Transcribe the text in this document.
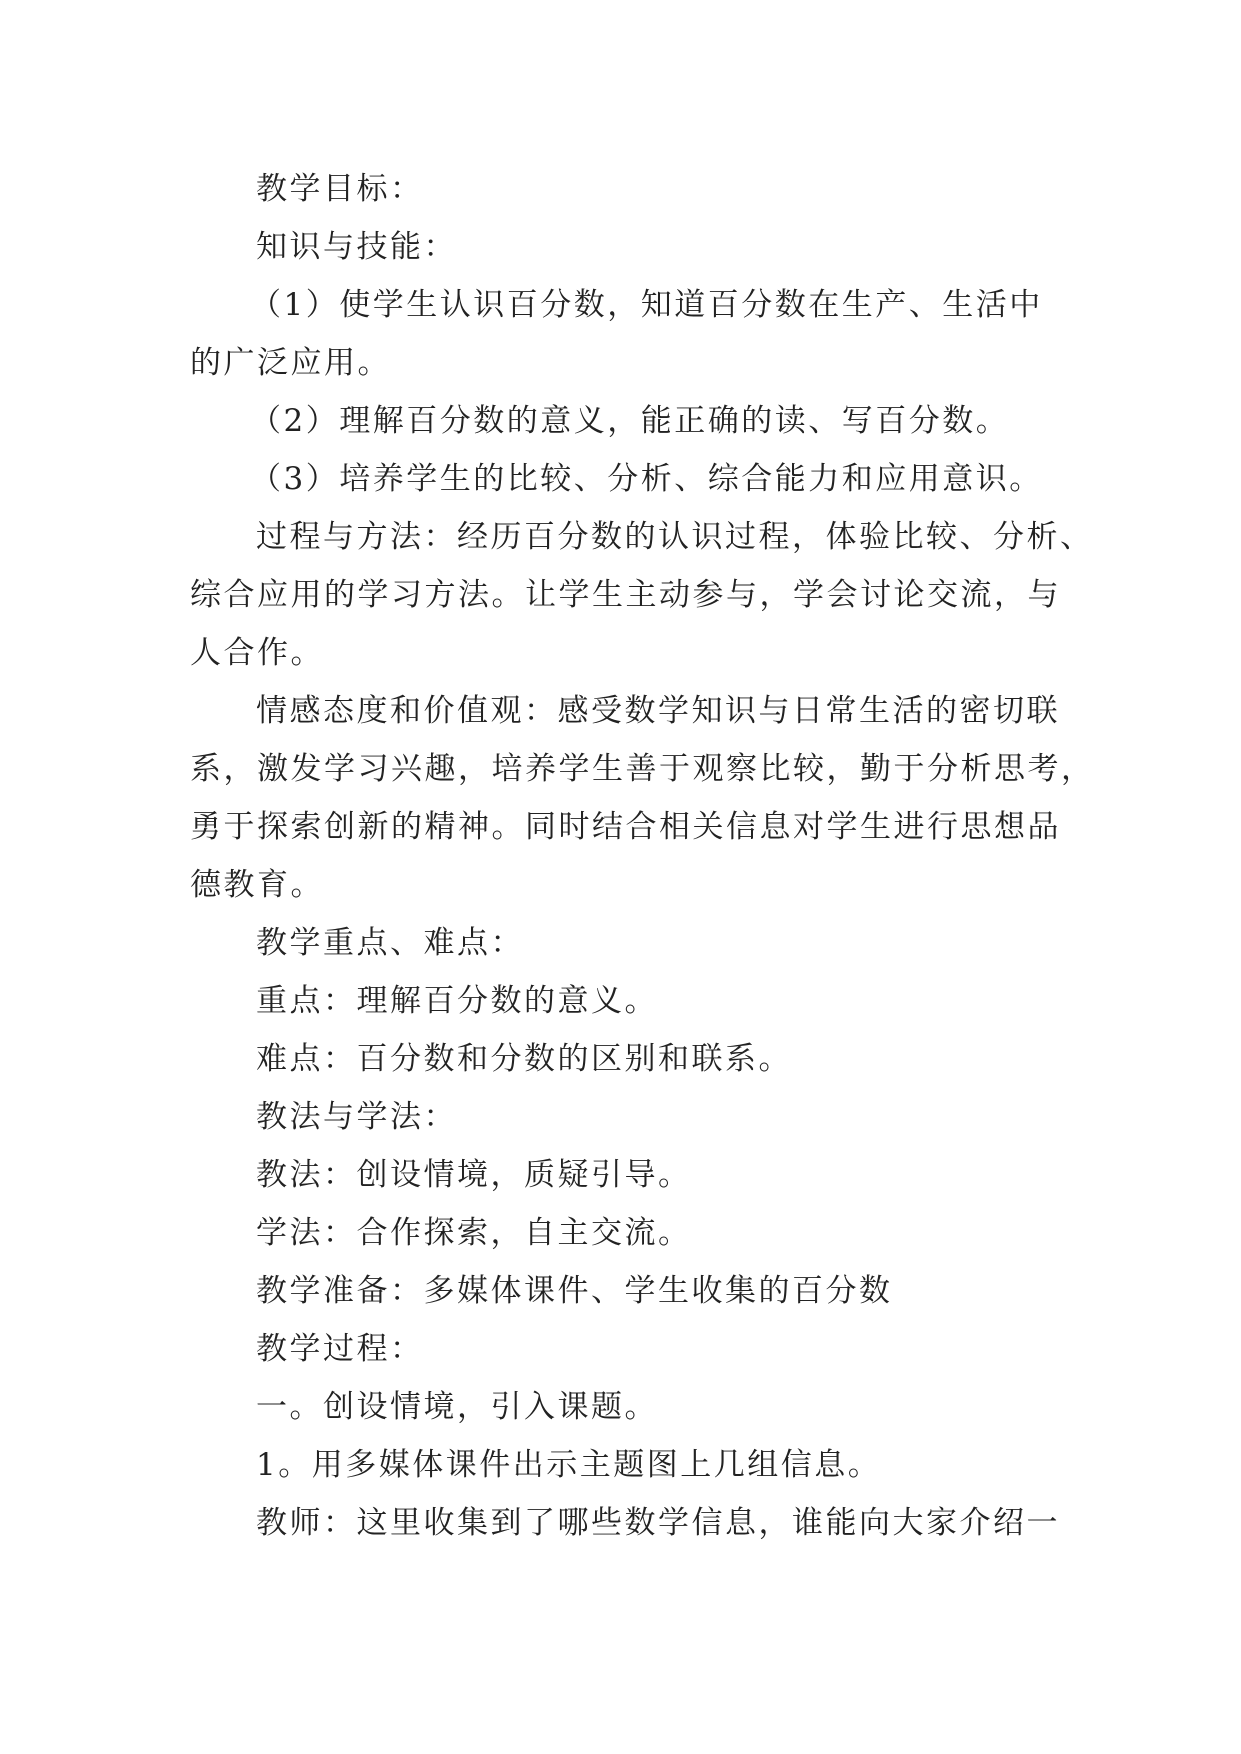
教学目标：
知识与技能：
（1）使学生认识百分数，知道百分数在生产、生活中
的广泛应用。
（2）理解百分数的意义，能正确的读、写百分数。
（3）培养学生的比较、分析、综合能力和应用意识。
过程与方法：经历百分数的认识过程，体验比较、分析、
综合应用的学习方法。让学生主动参与，学会讨论交流，与
人合作。
情感态度和价值观：感受数学知识与日常生活的密切联
系，激发学习兴趣，培养学生善于观察比较，勤于分析思考，
勇于探索创新的精神。同时结合相关信息对学生进行思想品
德教育。
教学重点、难点：
重点：理解百分数的意义。
难点：百分数和分数的区别和联系。
教法与学法：
教法：创设情境，质疑引导。
学法：合作探索，自主交流。
教学准备：多媒体课件、学生收集的百分数
教学过程：
一。创设情境，引入课题。
1。用多媒体课件出示主题图上几组信息。
教师：这里收集到了哪些数学信息，谁能向大家介绍一
